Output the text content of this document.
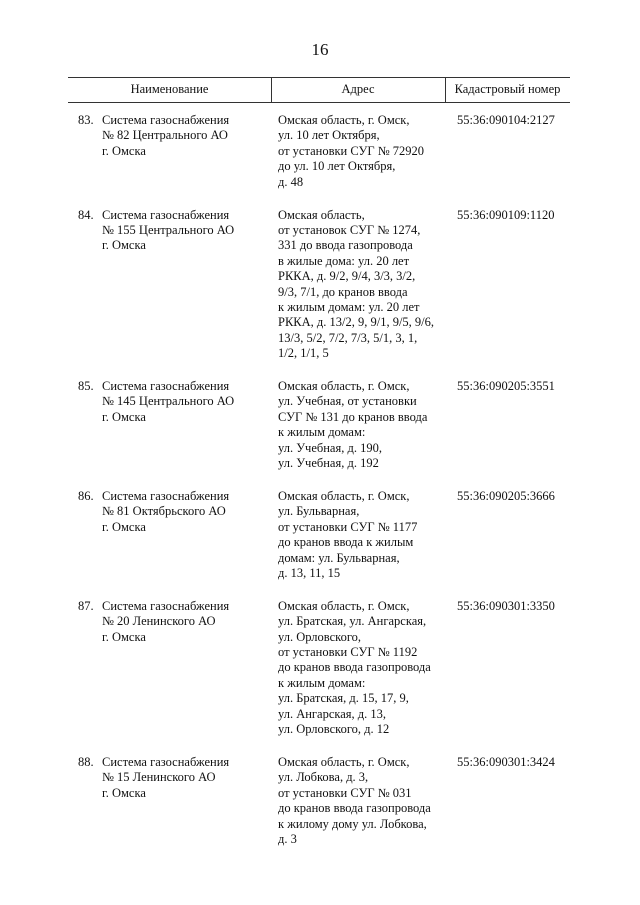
16
Наименование	Адрес	Кадастровый номер
83. Система газоснабжения
№ 82 Центрального АО
г. Омска
Омская область, г. Омск,
ул. 10 лет Октября,
от установки СУГ № 72920
до ул. 10 лет Октября,
д. 48
55:36:090104:2127
84. Система газоснабжения
№ 155 Центрального АО
г. Омска
Омская область,
от установок СУГ № 1274,
331 до ввода газопровода
в жилые дома: ул. 20 лет
РККА, д. 9/2, 9/4, 3/3, 3/2,
9/3, 7/1, до кранов ввода
к жилым домам: ул. 20 лет
РККА, д. 13/2, 9, 9/1, 9/5, 9/6,
13/3, 5/2, 7/2, 7/3, 5/1, 3, 1,
1/2, 1/1, 5
55:36:090109:1120
85. Система газоснабжения
№ 145 Центрального АО
г. Омска
Омская область, г. Омск,
ул. Учебная, от установки
СУГ № 131 до кранов ввода
к жилым домам:
ул. Учебная, д. 190,
ул. Учебная, д. 192
55:36:090205:3551
86. Система газоснабжения
№ 81 Октябрьского АО
г. Омска
Омская область, г. Омск,
ул. Бульварная,
от установки СУГ № 1177
до кранов ввода к жилым
домам: ул. Бульварная,
д. 13, 11, 15
55:36:090205:3666
87. Система газоснабжения
№ 20 Ленинского АО
г. Омска
Омская область, г. Омск,
ул. Братская, ул. Ангарская,
ул. Орловского,
от установки СУГ № 1192
до кранов ввода газопровода
к жилым домам:
ул. Братская, д. 15, 17, 9,
ул. Ангарская, д. 13,
ул. Орловского, д. 12
55:36:090301:3350
88. Система газоснабжения
№ 15 Ленинского АО
г. Омска
Омская область, г. Омск,
ул. Лобкова, д. 3,
от установки СУГ № 031
до кранов ввода газопровода
к жилому дому ул. Лобкова,
д. 3
55:36:090301:3424
